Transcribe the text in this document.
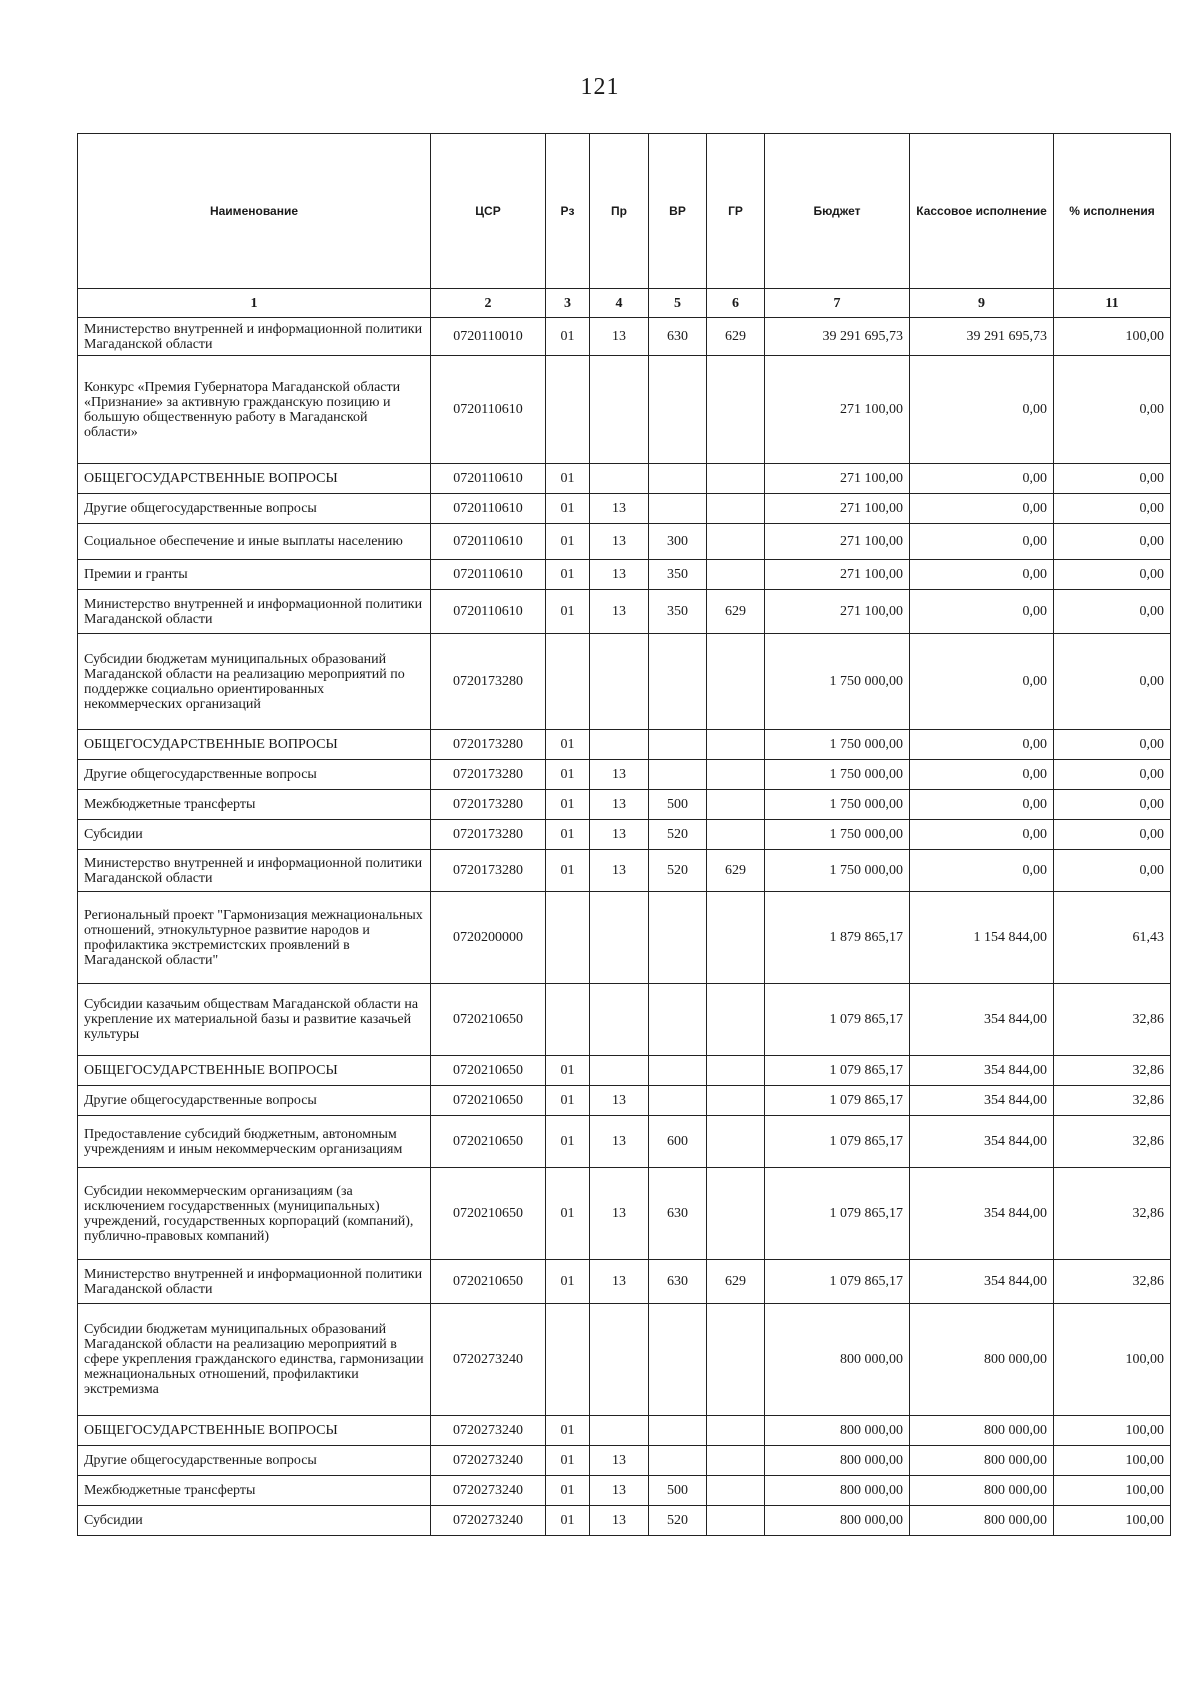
121
Наименование	ЦСР	Рз	Пр	ВР	ГР	Бюджет	Кассовое исполнение	% исполнения
1	2	3	4	5	6	7	9	11
Министерство внутренней и информационной политики Магаданской области	0720110010	01	13	630	629	39 291 695,73	39 291 695,73	100,00
Конкурс «Премия Губернатора Магаданской области «Признание» за активную гражданскую позицию и большую общественную работу в Магаданской области»	0720110610					271 100,00	0,00	0,00
ОБЩЕГОСУДАРСТВЕННЫЕ ВОПРОСЫ	0720110610	01				271 100,00	0,00	0,00
Другие общегосударственные вопросы	0720110610	01	13			271 100,00	0,00	0,00
Социальное обеспечение и иные выплаты населению	0720110610	01	13	300		271 100,00	0,00	0,00
Премии и гранты	0720110610	01	13	350		271 100,00	0,00	0,00
Министерство внутренней и информационной политики Магаданской области	0720110610	01	13	350	629	271 100,00	0,00	0,00
Субсидии бюджетам муниципальных образований Магаданской области на реализацию мероприятий по поддержке социально ориентированных некоммерческих организаций	0720173280					1 750 000,00	0,00	0,00
ОБЩЕГОСУДАРСТВЕННЫЕ ВОПРОСЫ	0720173280	01				1 750 000,00	0,00	0,00
Другие общегосударственные вопросы	0720173280	01	13			1 750 000,00	0,00	0,00
Межбюджетные трансферты	0720173280	01	13	500		1 750 000,00	0,00	0,00
Субсидии	0720173280	01	13	520		1 750 000,00	0,00	0,00
Министерство внутренней и информационной политики Магаданской области	0720173280	01	13	520	629	1 750 000,00	0,00	0,00
Региональный проект "Гармонизация межнациональных отношений, этнокультурное развитие народов и профилактика экстремистских проявлений в Магаданской области"	0720200000					1 879 865,17	1 154 844,00	61,43
Субсидии казачьим обществам Магаданской области на укрепление их материальной базы и развитие казачьей культуры	0720210650					1 079 865,17	354 844,00	32,86
ОБЩЕГОСУДАРСТВЕННЫЕ ВОПРОСЫ	0720210650	01				1 079 865,17	354 844,00	32,86
Другие общегосударственные вопросы	0720210650	01	13			1 079 865,17	354 844,00	32,86
Предоставление субсидий бюджетным, автономным учреждениям и иным некоммерческим организациям	0720210650	01	13	600		1 079 865,17	354 844,00	32,86
Субсидии некоммерческим организациям (за исключением государственных (муниципальных) учреждений, государственных корпораций (компаний), публично-правовых компаний)	0720210650	01	13	630		1 079 865,17	354 844,00	32,86
Министерство внутренней и информационной политики Магаданской области	0720210650	01	13	630	629	1 079 865,17	354 844,00	32,86
Субсидии бюджетам муниципальных образований Магаданской области на реализацию мероприятий в сфере укрепления гражданского единства, гармонизации межнациональных отношений, профилактики экстремизма	0720273240					800 000,00	800 000,00	100,00
ОБЩЕГОСУДАРСТВЕННЫЕ ВОПРОСЫ	0720273240	01				800 000,00	800 000,00	100,00
Другие общегосударственные вопросы	0720273240	01	13			800 000,00	800 000,00	100,00
Межбюджетные трансферты	0720273240	01	13	500		800 000,00	800 000,00	100,00
Субсидии	0720273240	01	13	520		800 000,00	800 000,00	100,00
